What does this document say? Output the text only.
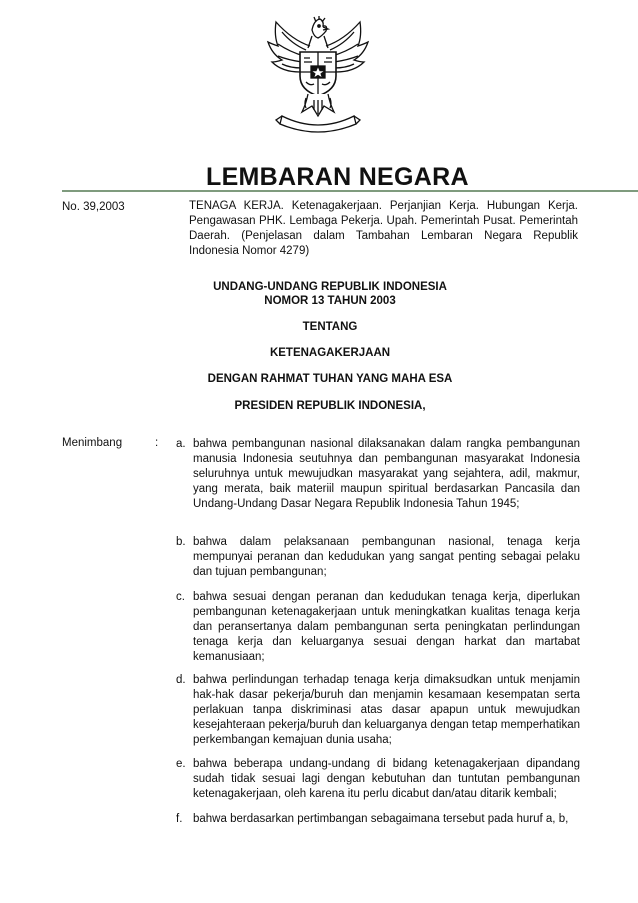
LEMBARAN NEGARA
No. 39,2003	TENAGA KERJA. Ketenagakerjaan. Perjanjian Kerja. Hubungan Kerja. Pengawasan PHK. Lembaga Pekerja. Upah. Pemerintah Pusat. Pemerintah Daerah. (Penjelasan dalam Tambahan Lembaran Negara Republik Indonesia Nomor 4279)
UNDANG-UNDANG REPUBLIK INDONESIA
NOMOR 13 TAHUN 2003
TENTANG
KETENAGAKERJAAN
DENGAN RAHMAT TUHAN YANG MAHA ESA
PRESIDEN REPUBLIK INDONESIA,
Menimbang	: a. bahwa pembangunan nasional dilaksanakan dalam rangka pembangunan manusia Indonesia seutuhnya dan pembangunan masyarakat Indonesia seluruhnya untuk mewujudkan masyarakat yang sejahtera, adil, makmur, yang merata, baik materiil maupun spiritual berdasarkan Pancasila dan Undang-Undang Dasar Negara Republik Indonesia Tahun 1945;
b. bahwa dalam pelaksanaan pembangunan nasional, tenaga kerja mempunyai peranan dan kedudukan yang sangat penting sebagai pelaku dan tujuan pembangunan;
c. bahwa sesuai dengan peranan dan kedudukan tenaga kerja, diperlukan pembangunan ketenagakerjaan untuk meningkatkan kualitas tenaga kerja dan peransertanya dalam pembangunan serta peningkatan perlindungan tenaga kerja dan keluarganya sesuai dengan harkat dan martabat kemanusiaan;
d. bahwa perlindungan terhadap tenaga kerja dimaksudkan untuk menjamin hak-hak dasar pekerja/buruh dan menjamin kesamaan kesempatan serta perlakuan tanpa diskriminasi atas dasar apapun untuk mewujudkan kesejahteraan pekerja/buruh dan keluarganya dengan tetap memperhatikan perkembangan kemajuan dunia usaha;
e. bahwa beberapa undang-undang di bidang ketenagakerjaan dipandang sudah tidak sesuai lagi dengan kebutuhan dan tuntutan pembangunan ketenagakerjaan, oleh karena itu perlu dicabut dan/atau ditarik kembali;
f. bahwa berdasarkan pertimbangan sebagaimana tersebut pada huruf a, b,
